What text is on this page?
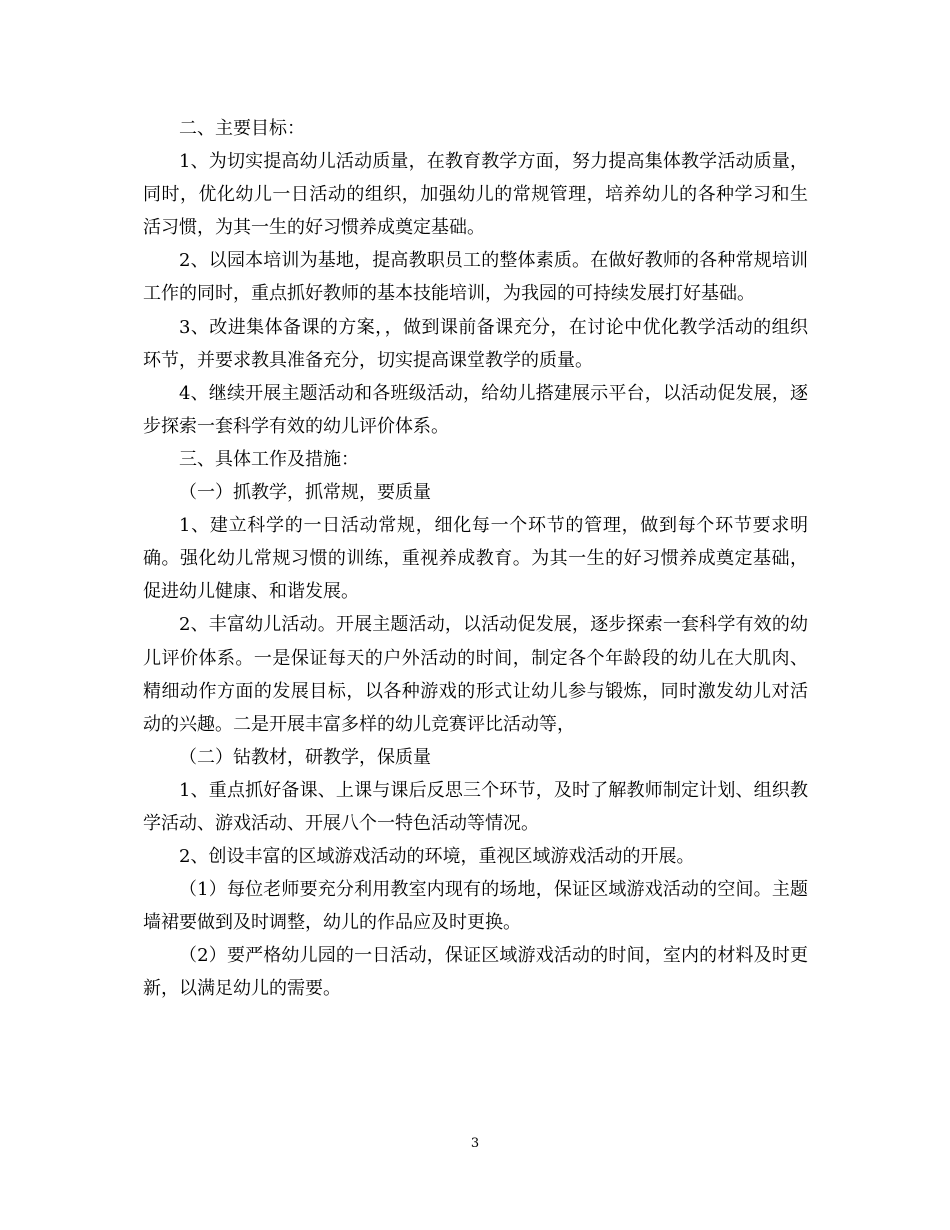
二、主要目标：

1、为切实提高幼儿活动质量，在教育教学方面，努力提高集体教学活动质量，同时，优化幼儿一日活动的组织，加强幼儿的常规管理，培养幼儿的各种学习和生活习惯，为其一生的好习惯养成奠定基础。

2、以园本培训为基地，提高教职员工的整体素质。在做好教师的各种常规培训工作的同时，重点抓好教师的基本技能培训，为我园的可持续发展打好基础。

3、改进集体备课的方案，，做到课前备课充分，在讨论中优化教学活动的组织环节，并要求教具准备充分，切实提高课堂教学的质量。

4、继续开展主题活动和各班级活动，给幼儿搭建展示平台，以活动促发展，逐步探索一套科学有效的幼儿评价体系。

三、具体工作及措施：

（一）抓教学，抓常规，要质量

1、建立科学的一日活动常规，细化每一个环节的管理，做到每个环节要求明确。强化幼儿常规习惯的训练，重视养成教育。为其一生的好习惯养成奠定基础，促进幼儿健康、和谐发展。

2、丰富幼儿活动。开展主题活动，以活动促发展，逐步探索一套科学有效的幼儿评价体系。一是保证每天的户外活动的时间，制定各个年龄段的幼儿在大肌肉、精细动作方面的发展目标，以各种游戏的形式让幼儿参与锻炼，同时激发幼儿对活动的兴趣。二是开展丰富多样的幼儿竞赛评比活动等，

（二）钻教材，研教学，保质量

1、重点抓好备课、上课与课后反思三个环节，及时了解教师制定计划、组织教学活动、游戏活动、开展八个一特色活动等情况。

2、创设丰富的区域游戏活动的环境，重视区域游戏活动的开展。

（1）每位老师要充分利用教室内现有的场地，保证区域游戏活动的空间。主题墙裙要做到及时调整，幼儿的作品应及时更换。

（2）要严格幼儿园的一日活动，保证区域游戏活动的时间，室内的材料及时更新，以满足幼儿的需要。

3
